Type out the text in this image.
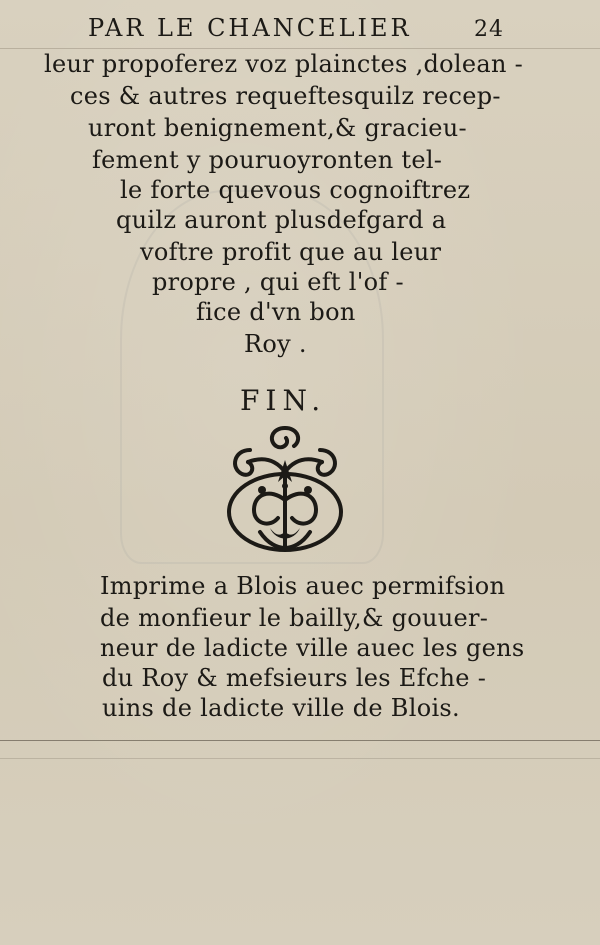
PAR LE CHANCELIER	24
leur propoferez voz plainctes ,dolean -
ces & autres requeftesquilz recep-
uront benignement,& gracieu-
fement y pouruoyronten tel-
le forte quevous cognoiftrez
quilz auront plusdefgard a
voftre profit que au leur
propre , qui eft l'of -
fice d'vn bon
Roy .
FIN.
Imprime a Blois auec permifsion
de monfieur le bailly,& gouuer-
neur de ladicte ville auec les gens
du Roy & mefsieurs les Efche -
uins de ladicte ville de Blois.
